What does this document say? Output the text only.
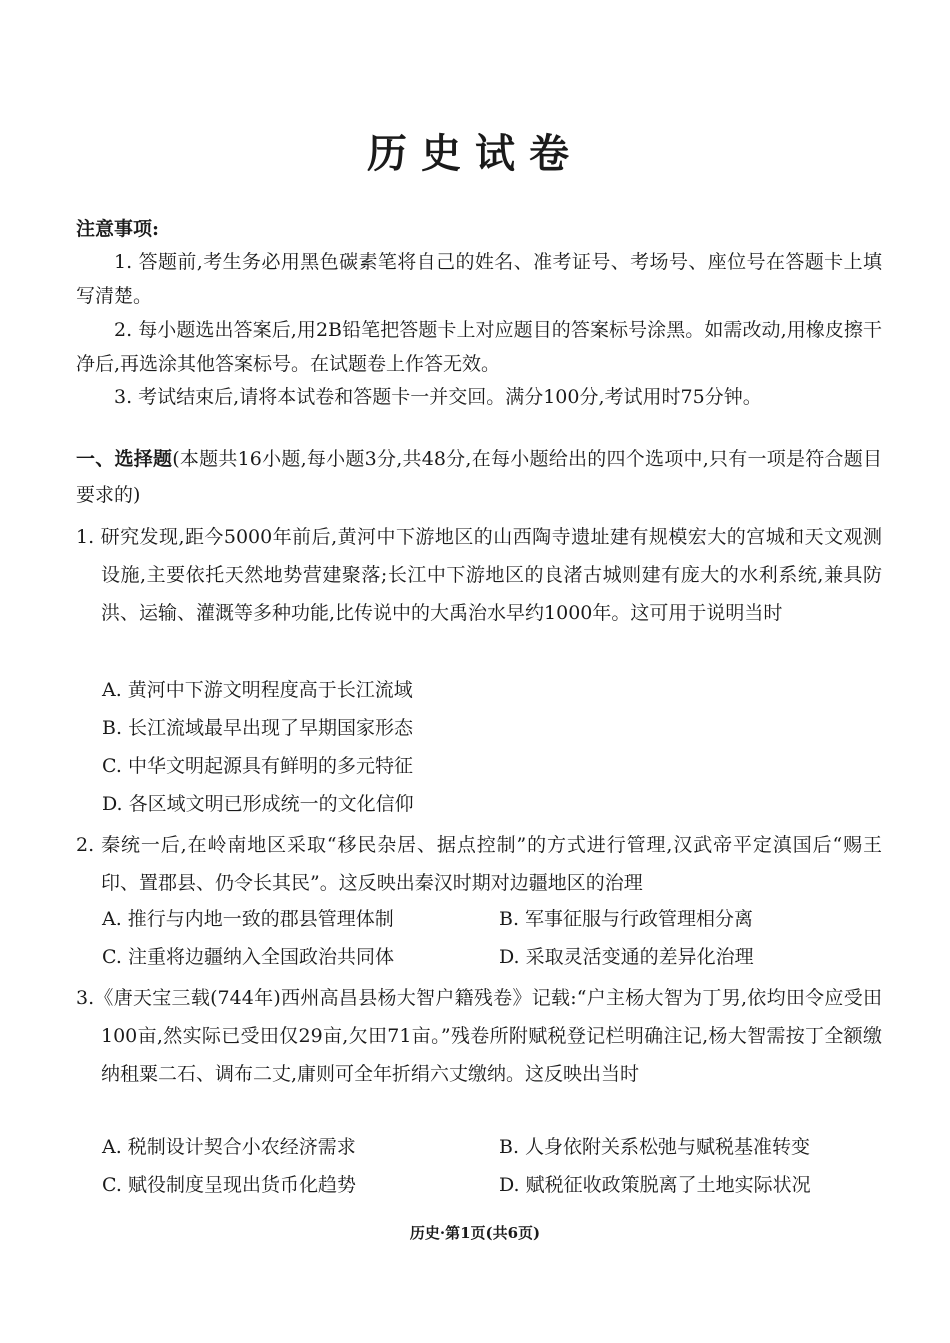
历史试卷
注意事项:
1. 答题前,考生务必用黑色碳素笔将自己的姓名、准考证号、考场号、座位号在答题卡上填写清楚。
2. 每小题选出答案后,用2B铅笔把答题卡上对应题目的答案标号涂黑。如需改动,用橡皮擦干净后,再选涂其他答案标号。在试题卷上作答无效。
3. 考试结束后,请将本试卷和答题卡一并交回。满分100分,考试用时75分钟。
一、选择题(本题共16小题,每小题3分,共48分,在每小题给出的四个选项中,只有一项是符合题目要求的)
1. 研究发现,距今5000年前后,黄河中下游地区的山西陶寺遗址建有规模宏大的宫城和天文观测设施,主要依托天然地势营建聚落;长江中下游地区的良渚古城则建有庞大的水利系统,兼具防洪、运输、灌溉等多种功能,比传说中的大禹治水早约1000年。这可用于说明当时
A. 黄河中下游文明程度高于长江流域
B. 长江流域最早出现了早期国家形态
C. 中华文明起源具有鲜明的多元特征
D. 各区域文明已形成统一的文化信仰
2. 秦统一后,在岭南地区采取“移民杂居、据点控制”的方式进行管理,汉武帝平定滇国后“赐王印、置郡县、仍令长其民”。这反映出秦汉时期对边疆地区的治理
A. 推行与内地一致的郡县管理体制	B. 军事征服与行政管理相分离
C. 注重将边疆纳入全国政治共同体	D. 采取灵活变通的差异化治理
3.《唐天宝三载(744年)西州高昌县杨大智户籍残卷》记载:“户主杨大智为丁男,依均田令应受田100亩,然实际已受田仅29亩,欠田71亩。”残卷所附赋税登记栏明确注记,杨大智需按丁全额缴纳租粟二石、调布二丈,庸则可全年折绢六丈缴纳。这反映出当时
A. 税制设计契合小农经济需求	B. 人身依附关系松弛与赋税基准转变
C. 赋役制度呈现出货币化趋势	D. 赋税征收政策脱离了土地实际状况
历史·第1页(共6页)
